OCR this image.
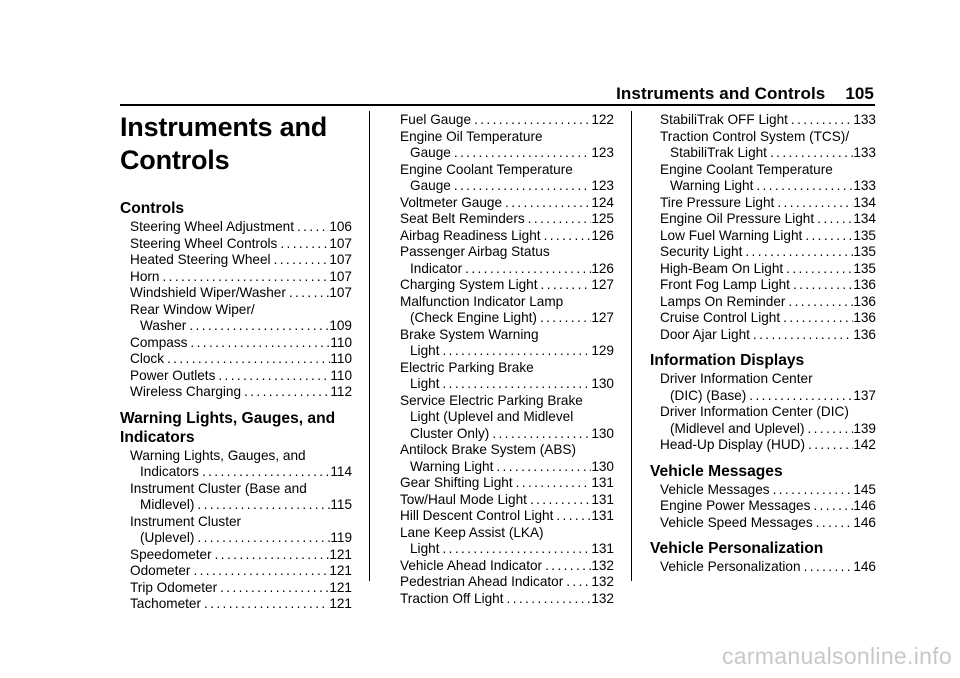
Instruments and Controls 105
Instruments and Controls
Controls
Steering Wheel Adjustment .....	106
Steering Wheel Controls .....	107
Heated Steering Wheel .....	107
Horn .....	107
Windshield Wiper/Washer .....	107
Rear Window Wiper/
Washer .....	109
Compass .....	110
Clock .....	110
Power Outlets .....	110
Wireless Charging .....	112
Warning Lights, Gauges, and Indicators
Warning Lights, Gauges, and
Indicators .....	114
Instrument Cluster (Base and
Midlevel) .....	115
Instrument Cluster
(Uplevel) .....	119
Speedometer .....	121
Odometer .....	121
Trip Odometer .....	121
Tachometer .....	121
Fuel Gauge .....	122
Engine Oil Temperature
Gauge .....	123
Engine Coolant Temperature
Gauge .....	123
Voltmeter Gauge .....	124
Seat Belt Reminders .....	125
Airbag Readiness Light .....	126
Passenger Airbag Status
Indicator .....	126
Charging System Light .....	127
Malfunction Indicator Lamp
(Check Engine Light) .....	127
Brake System Warning
Light .....	129
Electric Parking Brake
Light .....	130
Service Electric Parking Brake
Light (Uplevel and Midlevel
Cluster Only) .....	130
Antilock Brake System (ABS)
Warning Light .....	130
Gear Shifting Light .....	131
Tow/Haul Mode Light .....	131
Hill Descent Control Light .....	131
Lane Keep Assist (LKA)
Light .....	131
Vehicle Ahead Indicator .....	132
Pedestrian Ahead Indicator ..... 132
Traction Off Light .....	132
StabiliTrak OFF Light .....	133
Traction Control System (TCS)/
StabiliTrak Light .....	133
Engine Coolant Temperature
Warning Light .....	133
Tire Pressure Light .....	134
Engine Oil Pressure Light .....	134
Low Fuel Warning Light .....	135
Security Light .....	135
High-Beam On Light .....	135
Front Fog Lamp Light .....	136
Lamps On Reminder .....	136
Cruise Control Light .....	136
Door Ajar Light .....	136
Information Displays
Driver Information Center
(DIC) (Base) .....	137
Driver Information Center (DIC)
(Midlevel and Uplevel) .....	139
Head-Up Display (HUD) .....	142
Vehicle Messages
Vehicle Messages .....	145
Engine Power Messages .....	146
Vehicle Speed Messages .....	146
Vehicle Personalization
Vehicle Personalization .....	146
carmanualsonline.info
